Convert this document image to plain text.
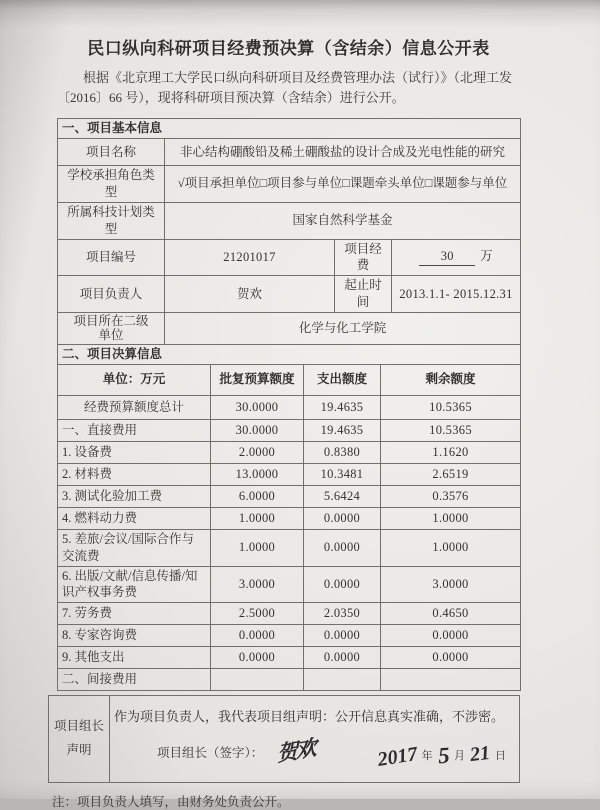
民口纵向科研项目经费预决算（含结余）信息公开表

根据《北京理工大学民口纵向科研项目及经费管理办法（试行）》（北理工发
〔2016〕66 号），现将科研项目预决算（含结余）进行公开。

一、项目基本信息			
项目名称	非心结构硼酸铅及稀土硼酸盐的设计合成及光电性能的研究		
学校承担角色类型	√项目承担单位□项目参与单位□课题牵头单位□课题参与单位		
所属科技计划类型	国家自然科学基金		
项目编号	21201017	项目经费	30 万
项目负责人	贺欢	起止时间	2013.1.1- 2015.12.31

项目所在二级
单位	化学与化工学院		
二、项目决算信息			
单位：万元	批复预算额度	支出额度	剩余额度
经费预算额度总计	30.0000	19.4635	10.5365
一、直接费用	30.0000	19.4635	10.5365
1. 设备费	2.0000	0.8380	1.1620
2. 材料费	13.0000	10.3481	2.6519
3. 测试化验加工费	6.0000	5.6424	0.3576
4. 燃料动力费	1.0000	0.0000	1.0000
5. 差旅/会议/国际合作与交流费	1.0000	0.0000	1.0000
6. 出版/文献/信息传播/知识产权事务费	3.0000	0.0000	3.0000
7. 劳务费	2.5000	2.0350	0.4650
8. 专家咨询费	0.0000	0.0000	0.0000
9. 其他支出	0.0000	0.0000	0.0000
二、间接费用			
项目组长
声明

作为项目负责人，我代表项目组声明：公开信息真实准确，不涉密。

项目组长（签字）： 贺欢	2017 年 5 月 21 日

注：项目负责人填写，由财务处负责公开。
